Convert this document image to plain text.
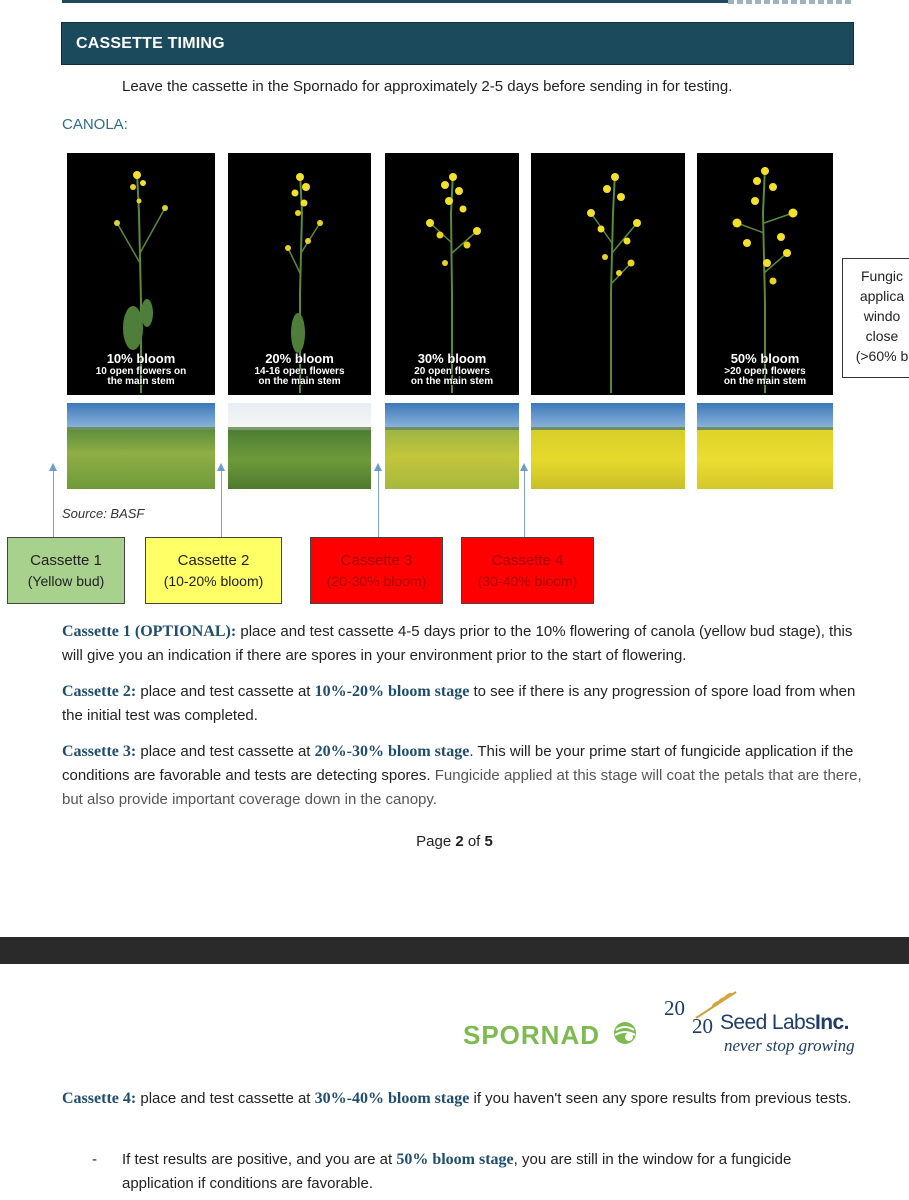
CASSETTE TIMING
Leave the cassette in the Spornado for approximately 2-5 days before sending in for testing.
CANOLA:
10% bloom
10 open flowers on
the main stem
20% bloom
14-16 open flowers
on the main stem
30% bloom
20 open flowers
on the main stem
50% bloom
>20 open flowers
on the main stem
Fungic
applica
windo
close
(>60% b
Source: BASF
Cassette 1
(Yellow bud)
Cassette 2
(10-20% bloom)
Cassette 3
(20-30% bloom)
Cassette 4
(30-40% bloom)
Cassette 1 (OPTIONAL): place and test cassette 4-5 days prior to the 10% flowering of canola (yellow bud stage), this will give you an indication if there are spores in your environment prior to the start of flowering.
Cassette 2: place and test cassette at 10%-20% bloom stage to see if there is any progression of spore load from when the initial test was completed.
Cassette 3: place and test cassette at 20%-30% bloom stage. This will be your prime start of fungicide application if the conditions are favorable and tests are detecting spores. Fungicide applied at this stage will coat the petals that are there, but also provide important coverage down in the canopy.
Page 2 of 5
SPORNAD
20
20 Seed LabsInc.
never stop growing
Cassette 4: place and test cassette at 30%-40% bloom stage if you haven't seen any spore results from previous tests.
- If test results are positive, and you are at 50% bloom stage, you are still in the window for a fungicide application if conditions are favorable.
